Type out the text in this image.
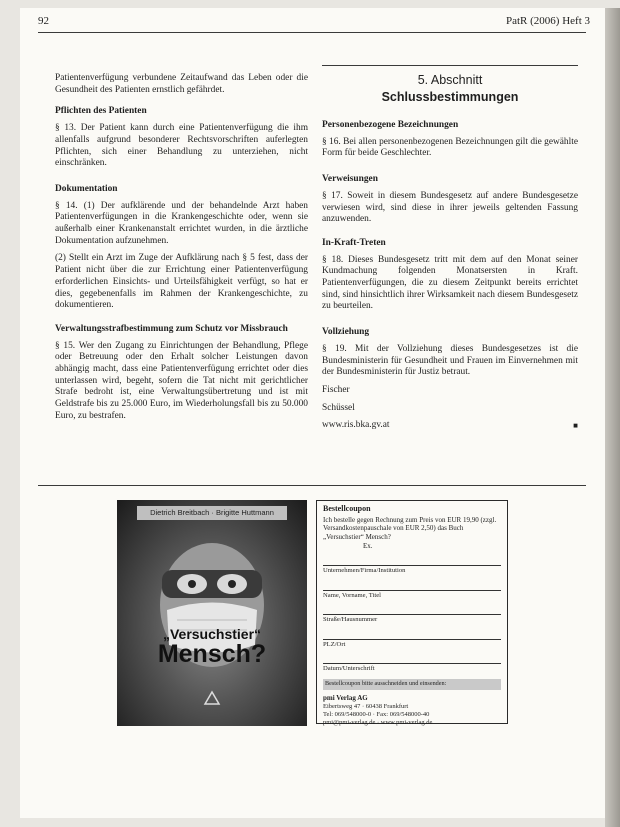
92	PatR (2006) Heft 3

Patientenverfügung verbundene Zeitaufwand das Leben oder die Gesundheit des Patienten ernstlich gefährdet.

Pflichten des Patienten

§ 13. Der Patient kann durch eine Patientenverfügung die ihm allenfalls aufgrund besonderer Rechtsvorschriften auferlegten Pflichten, sich einer Behandlung zu unterziehen, nicht einschränken.

Dokumentation

§ 14. (1) Der aufklärende und der behandelnde Arzt haben Patientenverfügungen in die Krankengeschichte oder, wenn sie außerhalb einer Krankenanstalt errichtet wurden, in die ärztliche Dokumentation aufzunehmen.

(2) Stellt ein Arzt im Zuge der Aufklärung nach § 5 fest, dass der Patient nicht über die zur Errichtung einer Patientenverfügung erforderlichen Einsichts- und Urteilsfähigkeit verfügt, so hat er dies, gegebenenfalls im Rahmen der Krankengeschichte, zu dokumentieren.

Verwaltungsstrafbestimmung zum Schutz vor Missbrauch

§ 15. Wer den Zugang zu Einrichtungen der Behandlung, Pflege oder Betreuung oder den Erhalt solcher Leistungen davon abhängig macht, dass eine Patientenverfügung errichtet oder dies unterlassen wird, begeht, sofern die Tat nicht mit gerichtlicher Strafe bedroht ist, eine Verwaltungsübertretung und ist mit Geldstrafe bis zu 25.000 Euro, im Wiederholungsfall bis zu 50.000 Euro, zu bestrafen.

5. Abschnitt
Schlussbestimmungen
Personenbezogene Bezeichnungen

§ 16. Bei allen personenbezogenen Bezeichnungen gilt die gewählte Form für beide Geschlechter.

Verweisungen

§ 17. Soweit in diesem Bundesgesetz auf andere Bundesgesetze verwiesen wird, sind diese in ihrer jeweils geltenden Fassung anzuwenden.

In-Kraft-Treten

§ 18. Dieses Bundesgesetz tritt mit dem auf den Monat seiner Kundmachung folgenden Monatsersten in Kraft. Patientenverfügungen, die zu diesem Zeitpunkt bereits errichtet sind, sind hinsichtlich ihrer Wirksamkeit nach diesem Bundesgesetz zu beurteilen.

Vollziehung

§ 19. Mit der Vollziehung dieses Bundesgesetzes ist die Bundesministerin für Gesundheit und Frauen im Einvernehmen mit der Bundesministerin für Justiz betraut.

Fischer

Schüssel

www.ris.bka.gv.at	■

Dietrich Breitbach · Brigitte Huttmann
„Versuchstier“
Mensch?
Bestellcoupon
Ich bestelle gegen Rechnung zum Preis von EUR 19,90 (zzgl. Versandkostenpauschale von EUR 2,50) das Buch „Versuchstier“ Mensch?
Ex.
Unternehmen/Firma/Institution
Name, Vorname, Titel
Straße/Hausnummer
PLZ/Ort
Datum/Unterschrift
Bestellcoupon bitte ausschneiden und einsenden:
pmi Verlag AG
Eibertsweg 47 · 60438 Frankfurt
Tel: 069/548000-0 · Fax: 069/548000-40
pmi@pmi-verlag.de · www.pmi-verlag.de
